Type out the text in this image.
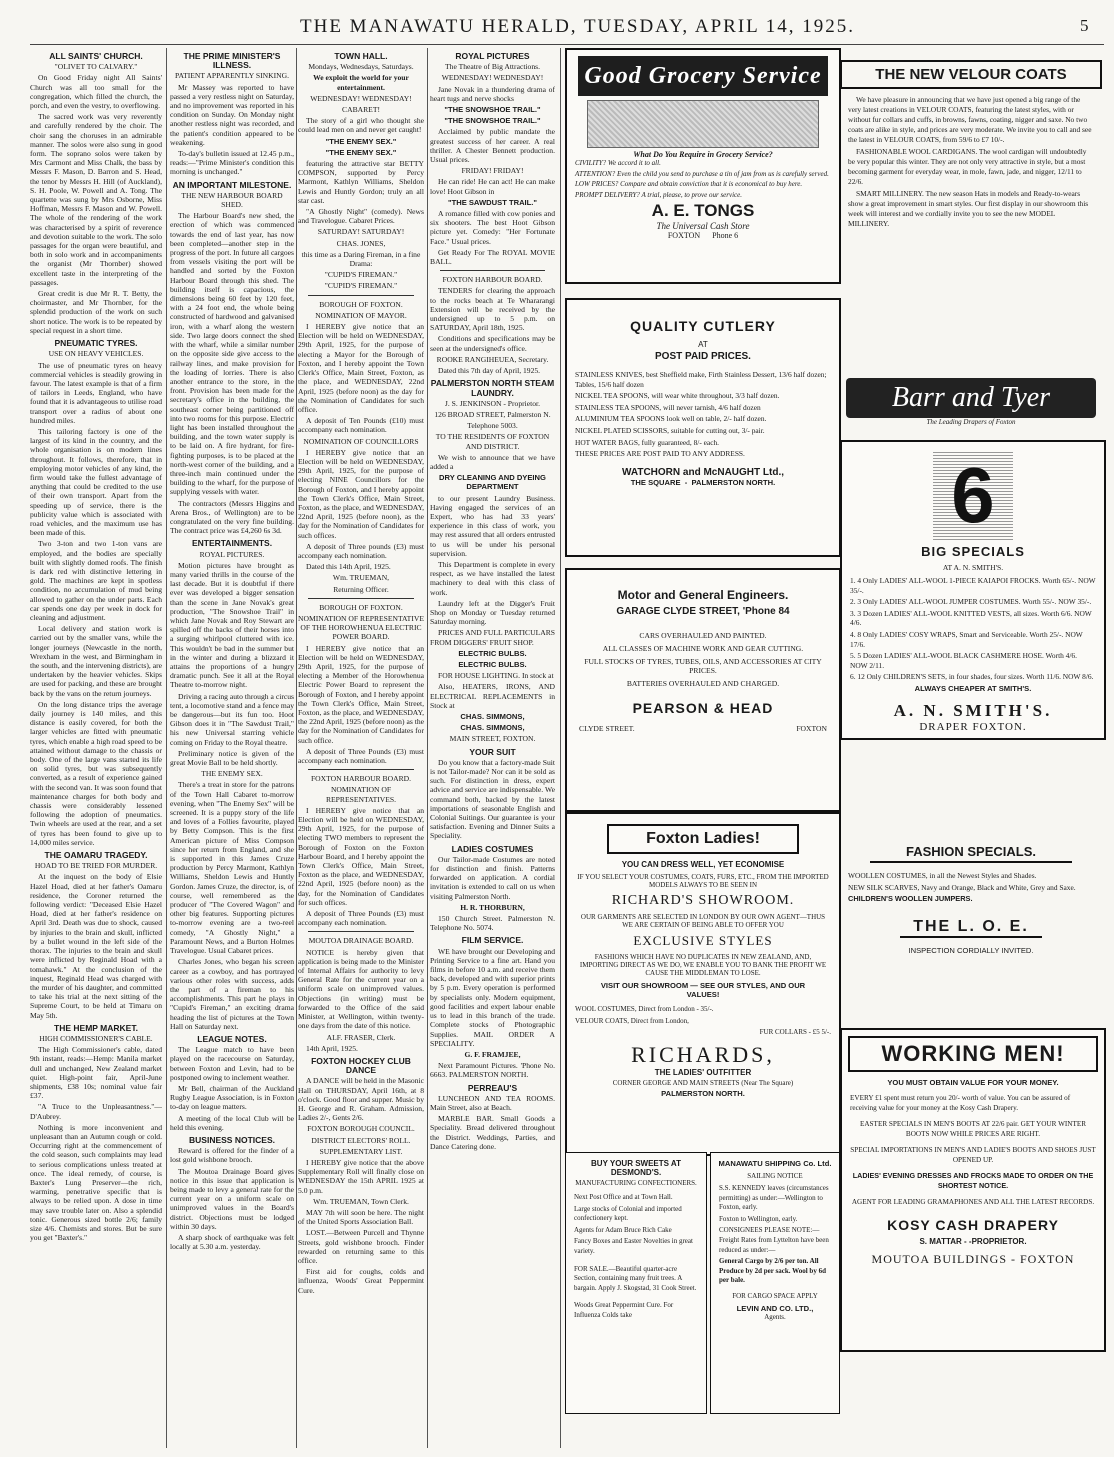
THE MANAWATU HERALD, TUESDAY, APRIL 14, 1925.	5
ALL SAINTS' CHURCH.
"OLIVET TO CALVARY."

On Good Friday night All Saints' Church was all too small for the congregation, which filled the church, the porch, and even the vestry, to overflowing.

The sacred work was very reverently and carefully rendered by the choir. The choir sang the choruses in an admirable manner. The solos were also sung in good form. The soprano solos were taken by Mrs Carmont and Miss Chalk, the bass by Messrs F. Mason, D. Barron and S. Head, the tenor by Messrs H. Hill (of Auckland), S. H. Poole, W. Powell and A. Tong. The quartette was sung by Mrs Osborne, Miss Hoffman, Messrs F. Mason and W. Powell. The whole of the rendering of the work was characterised by a spirit of reverence and devotion suitable to the work. The solo passages for the organ were beautiful, and both in solo work and in accompaniments the organist (Mr Thornber) showed excellent taste in the interpreting of the passages.

Great credit is due Mr R. T. Betty, the choirmaster, and Mr Thornber, for the splendid production of the work on such short notice. The work is to be repeated by special request in a short time.

PNEUMATIC TYRES.
USE ON HEAVY VEHICLES.

The use of pneumatic tyres on heavy commercial vehicles is steadily growing in favour. The latest example is that of a firm of tailors in Leeds, England, who have found that it is advantageous to utilise road transport over a radius of about one hundred miles.

This tailoring factory is one of the largest of its kind in the country, and the whole organisation is on modern lines throughout. It follows, therefore, that in employing motor vehicles of any kind, the firm would take the fullest advantage of anything that could be credited to the use of their own transport. Apart from the speeding up of service, there is the publicity value which is associated with road vehicles, and the maximum use has been made of this.

Two 3-ton and two 1-ton vans are employed, and the bodies are specially built with slightly domed roofs. The finish is dark red with distinctive lettering in gold. The machines are kept in spotless condition, no accumulation of mud being allowed to gather on the under parts. Each car spends one day per week in dock for cleaning and adjustment.

Local delivery and station work is carried out by the smaller vans, while the longer journeys (Newcastle in the north, Wrexham in the west, and Birmingham in the south, and the intervening districts), are undertaken by the heavier vehicles. Skips are used for packing, and these are brought back by the vans on the return journeys.

On the long distance trips the average daily journey is 140 miles, and this distance is easily covered, for both the larger vehicles are fitted with pneumatic tyres, which enable a high road speed to be attained without damage to the chassis or body. One of the large vans started its life on solid tyres, but was subsequently converted, as a result of experience gained with the second van. It was soon found that maintenance charges for both body and chassis were considerably lessened following the adoption of pneumatics. Twin wheels are used at the rear, and a set of tyres has been found to give up to 14,000 miles service.

THE OAMARU TRAGEDY.
HOAD TO BE TRIED FOR MURDER.

At the inquest on the body of Elsie Hazel Hoad, died at her father's Oamaru residence, the Coroner returned the following verdict: "Deceased Elsie Hazel Hoad, died at her father's residence on April 3rd. Death was due to shock, caused by injuries to the brain and skull, inflicted by a bullet wound in the left side of the thorax. The injuries to the brain and skull were inflicted by Reginald Hoad with a tomahawk." At the conclusion of the inquest, Reginald Head was charged with the murder of his daughter, and committed to take his trial at the next sitting of the Supreme Court, to be held at Timaru on May 5th.

THE HEMP MARKET.
HIGH COMMISSIONER'S CABLE.

The High Commissioner's cable, dated 9th instant, reads:—Hemp: Manila market dull and unchanged, New Zealand market quiet. High-point fair, April-June shipments, £38 10s; nominal value fair £37.

"A Truce to the Unpleasantness."—D'Aubrey.

Nothing is more inconvenient and unpleasant than an Autumn cough or cold. Occurring right at the commencement of the cold season, such complaints may lead to serious complications unless treated at once. The ideal remedy, of course, is Baxter's Lung Preserver—the rich, warming, penetrative specific that is always to be relied upon. A dose in time may save trouble later on. Also a splendid tonic. Generous sized bottle 2/6; family size 4/6. Chemists and stores. But be sure you get "Baxter's."

THE PRIME MINISTER'S ILLNESS.
PATIENT APPARENTLY SINKING.

Mr Massey was reported to have passed a very restless night on Saturday, and no improvement was reported in his condition on Sunday. On Monday night another restless night was recorded, and the patient's condition appeared to be weakening.

To-day's bulletin issued at 12.45 p.m., reads:—"Prime Minister's condition this morning is unchanged."

AN IMPORTANT MILESTONE.
THE NEW HARBOUR BOARD SHED.

The Harbour Board's new shed, the erection of which was commenced towards the end of last year, has now been completed—another step in the progress of the port. In future all cargoes from vessels visiting the port will be handled and sorted by the Foxton Harbour Board through this shed. The building itself is capacious, the dimensions being 60 feet by 120 feet, with a 24 foot end, the whole being constructed of hardwood and galvanised iron, with a wharf along the western side. Two large doors connect the shed with the wharf, while a similar number on the opposite side give access to the railway lines, and make provision for the loading of lorries. There is also another entrance to the store, in the front. Provision has been made for the secretary's office in the building, the southeast corner being partitioned off into two rooms for this purpose. Electric light has been installed throughout the building, and the town water supply is to be laid on. A fire hydrant, for fire-fighting purposes, is to be placed at the north-west corner of the building, and a three-inch main continued under the building to the wharf, for the purpose of supplying vessels with water.

The contractors (Messrs Higgins and Arena Bros., of Wellington) are to be congratulated on the very fine building. The contract price was £4,260 6s 3d.

ENTERTAINMENTS.
ROYAL PICTURES.

Motion pictures have brought as many varied thrills in the course of the last decade. But it is doubtful if there ever was developed a bigger sensation than the scene in Jane Novak's great production, "The Snowshoe Trail" in which Jane Novak and Roy Stewart are spilled off the backs of their horses into a surging whirlpool cluttered with ice. This wouldn't be bad in the summer but in the winter and during a blizzard it attains the proportions of a hungry dramatic punch. See it all at the Royal Theatre to-morrow night.

Driving a racing auto through a circus tent, a locomotive stand and a fence may be dangerous—but its fun too. Hoot Gibson does it in "The Sawdust Trail," his new Universal starring vehicle coming on Friday to the Royal theatre.

Preliminary notice is given of the great Movie Ball to be held shortly.

THE ENEMY SEX.

There's a treat in store for the patrons of the Town Hall Cabaret to-morrow evening, when "The Enemy Sex" will be screened. It is a puppy story of the life and loves of a Follies favourite, played by Betty Compson. This is the first American picture of Miss Compson since her return from England, and she is supported in this James Cruze production by Percy Marmont, Kathlyn Williams, Sheldon Lewis and Huntly Gordon. James Cruze, the director, is, of course, well remembered as the producer of "The Covered Wagon" and other big features. Supporting pictures to-morrow evening are a two-reel comedy, "A Ghostly Night," a Paramount News, and a Burton Holmes Travelogue. Usual Cabaret prices.

Charles Jones, who began his screen career as a cowboy, and has portrayed various other roles with success, adds the part of a fireman to his accomplishments. This part he plays in "Cupid's Fireman," an exciting drama heading the list of pictures at the Town Hall on Saturday next.

LEAGUE NOTES.

The League match to have been played on the racecourse on Saturday, between Foxton and Levin, had to be postponed owing to inclement weather.

Mr Bell, chairman of the Auckland Rugby League Association, is in Foxton to-day on league matters.

A meeting of the local Club will be held this evening.

BUSINESS NOTICES.

Reward is offered for the finder of a lost gold wishbone brooch.

The Moutoa Drainage Board gives notice in this issue that application is being made to levy a general rate for the current year on a uniform scale on unimproved values in the Board's district. Objections must be lodged within 30 days.

A sharp shock of earthquake was felt locally at 5.30 a.m. yesterday.

TOWN HALL.
Mondays, Wednesdays, Saturdays.
We exploit the world for your entertainment.
WEDNESDAY! WEDNESDAY!
CABARET!

The story of a girl who thought she could lead men on and never get caught!

"THE ENEMY SEX."
"THE ENEMY SEX."

featuring the attractive star BETTY COMPSON, supported by Percy Marmont, Kathlyn Williams, Sheldon Lewis and Huntly Gordon; truly an all star cast.

"A Ghostly Night" (comedy). News and Travelogue. Cabaret Prices.

SATURDAY! SATURDAY!
CHAS. JONES,
this time as a Daring Fireman, in a fine Drama:
"CUPID'S FIREMAN."
"CUPID'S FIREMAN."
BOROUGH OF FOXTON.
NOMINATION OF MAYOR.

I HEREBY give notice that an Election will be held on WEDNESDAY, 29th April, 1925, for the purpose of electing a Mayor for the Borough of Foxton, and I hereby appoint the Town Clerk's Office, Main Street, Foxton, as the place, and WEDNESDAY, 22nd April, 1925 (before noon) as the day for the Nomination of Candidates for such office.

A deposit of Ten Pounds (£10) must accompany each nomination.

NOMINATION OF COUNCILLORS

I HEREBY give notice that an Election will be held on WEDNESDAY, 29th April, 1925, for the purpose of electing NINE Councillors for the Borough of Foxton, and I hereby appoint the Town Clerk's Office, Main Street, Foxton, as the place, and WEDNESDAY, 22nd April, 1925 (before noon), as the day for the Nomination of Candidates for such offices.

A deposit of Three pounds (£3) must accompany each nomination.

Dated this 14th April, 1925.

Wm. TRUEMAN,
Returning Officer.
BOROUGH OF FOXTON.
NOMINATION OF REPRESENTATIVE OF THE HOROWHENUA ELECTRIC POWER BOARD.

I HEREBY give notice that an Election will be held on WEDNESDAY, 29th April, 1925, for the purpose of electing a Member of the Horowhenua Electric Power Board to represent the Borough of Foxton, and I hereby appoint the Town Clerk's Office, Main Street, Foxton, as the place, and WEDNESDAY, the 22nd April, 1925 (before noon) as the day for the Nomination of Candidates for such office.

A deposit of Three Pounds (£3) must accompany each nomination.

FOXTON HARBOUR BOARD.
NOMINATION OF REPRESENTATIVES.

I HEREBY give notice that an Election will be held on WEDNESDAY, 29th April, 1925, for the purpose of electing TWO members to represent the Borough of Foxton on the Foxton Harbour Board, and I hereby appoint the Town Clerk's Office, Main Street, Foxton as the place, and WEDNESDAY, 22nd April, 1925 (before noon) as the day, for the Nomination of Candidates for such offices.

A deposit of Three Pounds (£3) must accompany each nomination.

MOUTOA DRAINAGE BOARD.

NOTICE is hereby given that application is being made to the Minister of Internal Affairs for authority to levy General Rate for the current year on a uniform scale on unimproved values. Objections (in writing) must be forwarded to the Office of the said Minister, at Wellington, within twenty-one days from the date of this notice.

ALF. FRASER, Clerk.

14th April, 1925.

FOXTON HOCKEY CLUB DANCE

A DANCE will be held in the Masonic Hall on THURSDAY, April 16th, at 8 o'clock. Good floor and supper. Music by H. George and R. Graham. Admission, Ladies 2/-, Gents 2/6.

FOXTON BOROUGH COUNCIL.
DISTRICT ELECTORS' ROLL.
SUPPLEMENTARY LIST.

I HEREBY give notice that the above Supplementary Roll will finally close on WEDNESDAY the 15th APRIL 1925 at 5.0 p.m.

Wm. TRUEMAN, Town Clerk.

MAY 7th will soon be here. The night of the United Sports Association Ball.

LOST.—Between Purcell and Thynne Streets, gold wishbone brooch. Finder rewarded on returning same to this office.

First aid for coughs, colds and influenza, Woods' Great Peppermint Cure.

ROYAL PICTURES
The Theatre of Big Attractions.
WEDNESDAY! WEDNESDAY!

Jane Novak in a thundering drama of heart tugs and nerve shocks

"THE SNOWSHOE TRAIL."
"THE SNOWSHOE TRAIL."

Acclaimed by public mandate the greatest success of her career. A real thriller. A Chester Bennett production. Usual prices.

FRIDAY! FRIDAY!

He can ride! He can act! He can make love! Hoot Gibson in

"THE SAWDUST TRAIL."

A romance filled with cow ponies and six shooters. The best Hoot Gibson picture yet. Comedy: "Her Fortunate Face." Usual prices.

Get Ready For The ROYAL MOVIE BALL.

FOXTON HARBOUR BOARD.

TENDERS for clearing the approach to the rocks beach at Te Whararangi Extension will be received by the undersigned up to 5 p.m. on SATURDAY, April 18th, 1925.

Conditions and specifications may be seen at the undersigned's office.

ROOKE RANGIHEUEA, Secretary.

Dated this 7th day of April, 1925.

PALMERSTON NORTH STEAM LAUNDRY.
J. S. JENKINSON - Proprietor.
126 BROAD STREET, Palmerston N.
Telephone 5003.
TO THE RESIDENTS OF FOXTON AND DISTRICT.

We wish to announce that we have added a

DRY CLEANING AND DYEING DEPARTMENT

to our present Laundry Business. Having engaged the services of an Expert, who has had 33 years' experience in this class of work, you may rest assured that all orders entrusted to us will be under his personal supervision.

This Department is complete in every respect, as we have installed the latest machinery to deal with this class of work.

Laundry left at the Digger's Fruit Shop on Monday or Tuesday returned Saturday morning.

PRICES AND FULL PARTICULARS FROM DIGGERS' FRUIT SHOP.

ELECTRIC BULBS.
ELECTRIC BULBS.

FOR HOUSE LIGHTING. In stock at

Also, HEATERS, IRONS, AND ELECTRICAL REPLACEMENTS in Stock at

CHAS. SIMMONS,
CHAS. SIMMONS,
MAIN STREET, FOXTON.
YOUR SUIT

Do you know that a factory-made Suit is not Tailor-made? Nor can it be sold as such. For distinction in dress, expert advice and service are indispensable. We command both, backed by the latest importations of seasonable English and Colonial Suitings. Our guarantee is your satisfaction. Evening and Dinner Suits a Speciality.

LADIES COSTUMES

Our Tailor-made Costumes are noted for distinction and finish. Patterns forwarded on application. A cordial invitation is extended to call on us when visiting Palmerston North.

H. R. THORBURN,

150 Church Street. Palmerston N. Telephone No. 5074.

FILM SERVICE.

WE have brought our Developing and Printing Service to a fine art. Hand you films in before 10 a.m. and receive them back, developed and with superior prints by 5 p.m. Every operation is performed by specialists only. Modern equipment, good facilities and expert labour enable us to lead in this branch of the trade. Complete stocks of Photographic Supplies. MAIL ORDER A SPECIALITY.

G. F. FRAMJEE,

Next Paramount Pictures. 'Phone No. 6663. PALMERSTON NORTH.

PERREAU'S

LUNCHEON AND TEA ROOMS. Main Street, also at Beach.

MARBLE BAR. Small Goods a Speciality. Bread delivered throughout the District. Weddings, Parties, and Dance Catering done.

Good Grocery Service
What Do You Require in Grocery Service?
CIVILITY? We accord it to all.
ATTENTION? Even the child you send to purchase a tin of jam from us is carefully served.
LOW PRICES? Compare and obtain conviction that it is economical to buy here.
PROMPT DELIVERY? A trial, please, to prove our service.
A. E. TONGS
The Universal Cash Store
FOXTON Phone 6
THE NEW VELOUR COATS

We have pleasure in announcing that we have just opened a big range of the very latest creations in VELOUR COATS, featuring the latest styles, with or without fur collars and cuffs, in browns, fawns, coating, nigger and saxe. No two coats are alike in style, and prices are very moderate. We invite you to call and see the latest in VELOUR COATS, from 59/6 to £7 10/-.

FASHIONABLE WOOL CARDIGANS. The wool cardigan will undoubtedly be very popular this winter. They are not only very attractive in style, but a most becoming garment for everyday wear, in mole, fawn, jade, and nigger, 12/11 to 22/6.

SMART MILLINERY. The new season Hats in models and Ready-to-wears show a great improvement in smart styles. Our first display in our showroom this week will interest and we cordially invite you to see the new MODEL MILLINERY.

QUALITY CUTLERY
AT
POST PAID PRICES.
STAINLESS KNIVES, best Sheffield make, Firth Stainless Dessert, 13/6 half dozen; Tables, 15/6 half dozen
NICKEL TEA SPOONS, will wear white throughout, 3/3 half dozen.
STAINLESS TEA SPOONS, will never tarnish, 4/6 half dozen
ALUMINIUM TEA SPOONS look well on table, 2/- half dozen.
NICKEL PLATED SCISSORS, suitable for cutting out, 3/- pair.
HOT WATER BAGS, fully guaranteed, 8/- each.
THESE PRICES ARE POST PAID TO ANY ADDRESS.
WATCHORN and McNAUGHT Ltd.,
THE SQUARE  -  PALMERSTON NORTH.
Barr and Tyer
The Leading Drapers of Foxton
6
BIG SPECIALS
AT A. N. SMITH'S.
1. 4 Only LADIES' ALL-WOOL 1-PIECE KAIAPOI FROCKS. Worth 65/-. NOW 35/-.
2. 3 Only LADIES' ALL-WOOL JUMPER COSTUMES. Worth 55/-. NOW 35/-.
3. 3 Dozen LADIES' ALL-WOOL KNITTED VESTS, all sizes. Worth 6/6. NOW 4/6.
4. 8 Only LADIES' COSY WRAPS, Smart and Serviceable. Worth 25/-. NOW 17/6.
5. 5 Dozen LADIES' ALL-WOOL BLACK CASHMERE HOSE. Worth 4/6. NOW 2/11.
6. 12 Only CHILDREN'S SETS, in four shades, four sizes. Worth 11/6. NOW 8/6.
ALWAYS CHEAPER AT SMITH'S.
A. N. SMITH'S.
DRAPER FOXTON.
Motor and General Engineers.
GARAGE CLYDE STREET, 'Phone 84
CARS OVERHAULED AND PAINTED.
ALL CLASSES OF MACHINE WORK AND GEAR CUTTING.
FULL STOCKS OF TYRES, TUBES, OILS, AND ACCESSORIES AT CITY PRICES.
BATTERIES OVERHAULED AND CHARGED.
PEARSON & HEAD
CLYDE STREET.	FOXTON
Foxton Ladies!
YOU CAN DRESS WELL, YET ECONOMISE
IF YOU SELECT YOUR COSTUMES, COATS, FURS, ETC., FROM THE IMPORTED MODELS ALWAYS TO BE SEEN IN
RICHARD'S SHOWROOM.
OUR GARMENTS ARE SELECTED IN LONDON BY OUR OWN AGENT—THUS WE ARE CERTAIN OF BEING ABLE TO OFFER YOU
EXCLUSIVE STYLES
FASHIONS WHICH HAVE NO DUPLICATES IN NEW ZEALAND, AND, IMPORTING DIRECT AS WE DO, WE ENABLE YOU TO BANK THE PROFIT WE CAUSE THE MIDDLEMAN TO LOSE.
VISIT OUR SHOWROOM — SEE OUR STYLES, AND OUR VALUES!
WOOL COSTUMES, Direct from London - 35/-.
VELOUR COATS, Direct from London,
FUR COLLARS - £5 5/-.
RICHARDS,
THE LADIES' OUTFITTER
CORNER GEORGE AND MAIN STREETS (Near The Square)
PALMERSTON NORTH.
FASHION SPECIALS.
WOOLLEN COSTUMES, in all the Newest Styles and Shades.
NEW SILK SCARVES, Navy and Orange, Black and White, Grey and Saxe.
CHILDREN'S WOOLLEN JUMPERS.
THE L. O. E.
INSPECTION CORDIALLY INVITED.
WORKING MEN!
YOU MUST OBTAIN VALUE FOR YOUR MONEY.
EVERY £1 spent must return you 20/- worth of value. You can be assured of receiving value for your money at the Kosy Cash Drapery.
EASTER SPECIALS IN MEN'S BOOTS AT 22/6 pair. GET YOUR WINTER BOOTS NOW WHILE PRICES ARE RIGHT.
SPECIAL IMPORTATIONS IN MEN'S AND LADIE'S BOOTS AND SHOES JUST OPENED UP.
LADIES' EVENING DRESSES AND FROCKS MADE TO ORDER ON THE SHORTEST NOTICE.
AGENT FOR LEADING GRAMAPHONES AND ALL THE LATEST RECORDS.
KOSY CASH DRAPERY
S. MATTAR - -PROPRIETOR.
MOUTOA BUILDINGS - FOXTON
BUY YOUR SWEETS AT DESMOND'S.
MANUFACTURING CONFECTIONERS.
Next Post Office and at Town Hall.
Large stocks of Colonial and imported confectionery kept.
Agents for Adam Bruce Rich Cake
Fancy Boxes and Easter Novelties in great variety.
FOR SALE.—Beautiful quarter-acre Section, containing many fruit trees. A bargain. Apply J. Skogstad, 31 Cook Street.
Woods Great Peppermint Cure. For Influenza Colds take
MANAWATU SHIPPING Co. Ltd.
SAILING NOTICE
S.S. KENNEDY leaves (circumstances permitting) as under:—Wellington to Foxton, early.
Foxton to Wellington, early.
CONSIGNEES PLEASE NOTE:— Freight Rates from Lyttelton have been reduced as under:—
General Cargo by 2/6 per ton. All Produce by 2d per sack. Wool by 6d per bale.
FOR CARGO SPACE APPLY
LEVIN AND CO. LTD.,
Agents.
